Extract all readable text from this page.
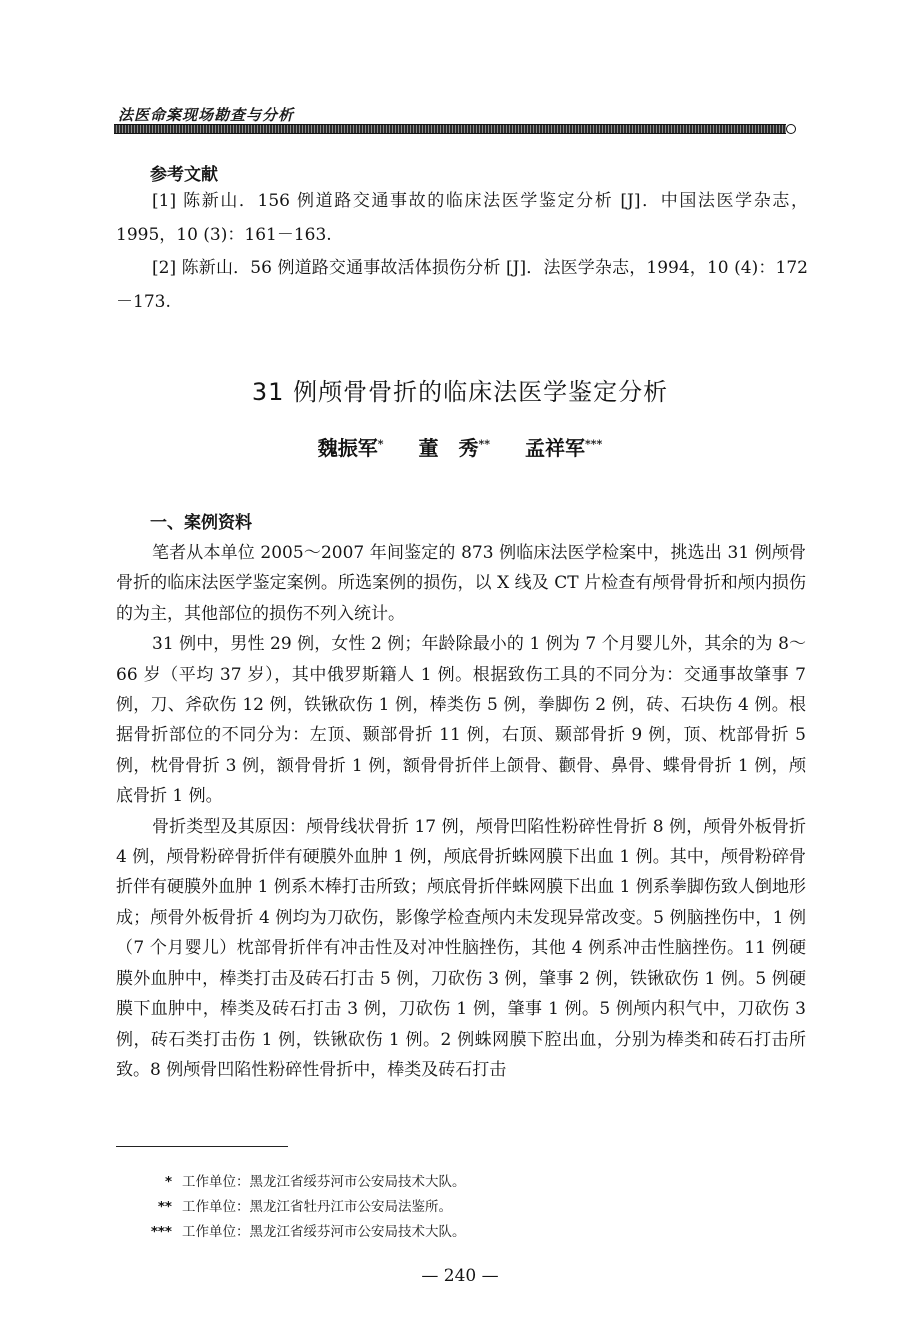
法医命案现场勘查与分析
参考文献
[1] 陈新山．156 例道路交通事故的临床法医学鉴定分析 [J]．中国法医学杂志，1995，10 (3)：161－163.
[2] 陈新山．56 例道路交通事故活体损伤分析 [J]．法医学杂志，1994，10 (4)：172－173.
31 例颅骨骨折的临床法医学鉴定分析
魏振军* 董　秀** 孟祥军***
一、案例资料

笔者从本单位 2005～2007 年间鉴定的 873 例临床法医学检案中，挑选出 31 例颅骨骨折的临床法医学鉴定案例。所选案例的损伤，以 X 线及 CT 片检查有颅骨骨折和颅内损伤的为主，其他部位的损伤不列入统计。

31 例中，男性 29 例，女性 2 例；年龄除最小的 1 例为 7 个月婴儿外，其余的为 8～66 岁（平均 37 岁），其中俄罗斯籍人 1 例。根据致伤工具的不同分为：交通事故肇事 7 例，刀、斧砍伤 12 例，铁锹砍伤 1 例，棒类伤 5 例，拳脚伤 2 例，砖、石块伤 4 例。根据骨折部位的不同分为：左顶、颞部骨折 11 例，右顶、颞部骨折 9 例，顶、枕部骨折 5 例，枕骨骨折 3 例，额骨骨折 1 例，额骨骨折伴上颌骨、颧骨、鼻骨、蝶骨骨折 1 例，颅底骨折 1 例。

骨折类型及其原因：颅骨线状骨折 17 例，颅骨凹陷性粉碎性骨折 8 例，颅骨外板骨折 4 例，颅骨粉碎骨折伴有硬膜外血肿 1 例，颅底骨折蛛网膜下出血 1 例。其中，颅骨粉碎骨折伴有硬膜外血肿 1 例系木棒打击所致；颅底骨折伴蛛网膜下出血 1 例系拳脚伤致人倒地形成；颅骨外板骨折 4 例均为刀砍伤，影像学检查颅内未发现异常改变。5 例脑挫伤中，1 例（7 个月婴儿）枕部骨折伴有冲击性及对冲性脑挫伤，其他 4 例系冲击性脑挫伤。11 例硬膜外血肿中，棒类打击及砖石打击 5 例，刀砍伤 3 例，肇事 2 例，铁锹砍伤 1 例。5 例硬膜下血肿中，棒类及砖石打击 3 例，刀砍伤 1 例，肇事 1 例。5 例颅内积气中，刀砍伤 3 例，砖石类打击伤 1 例，铁锹砍伤 1 例。2 例蛛网膜下腔出血，分别为棒类和砖石打击所致。8 例颅骨凹陷性粉碎性骨折中，棒类及砖石打击

* 工作单位：黑龙江省绥芬河市公安局技术大队。
** 工作单位：黑龙江省牡丹江市公安局法鉴所。
*** 工作单位：黑龙江省绥芬河市公安局技术大队。
— 240 —
